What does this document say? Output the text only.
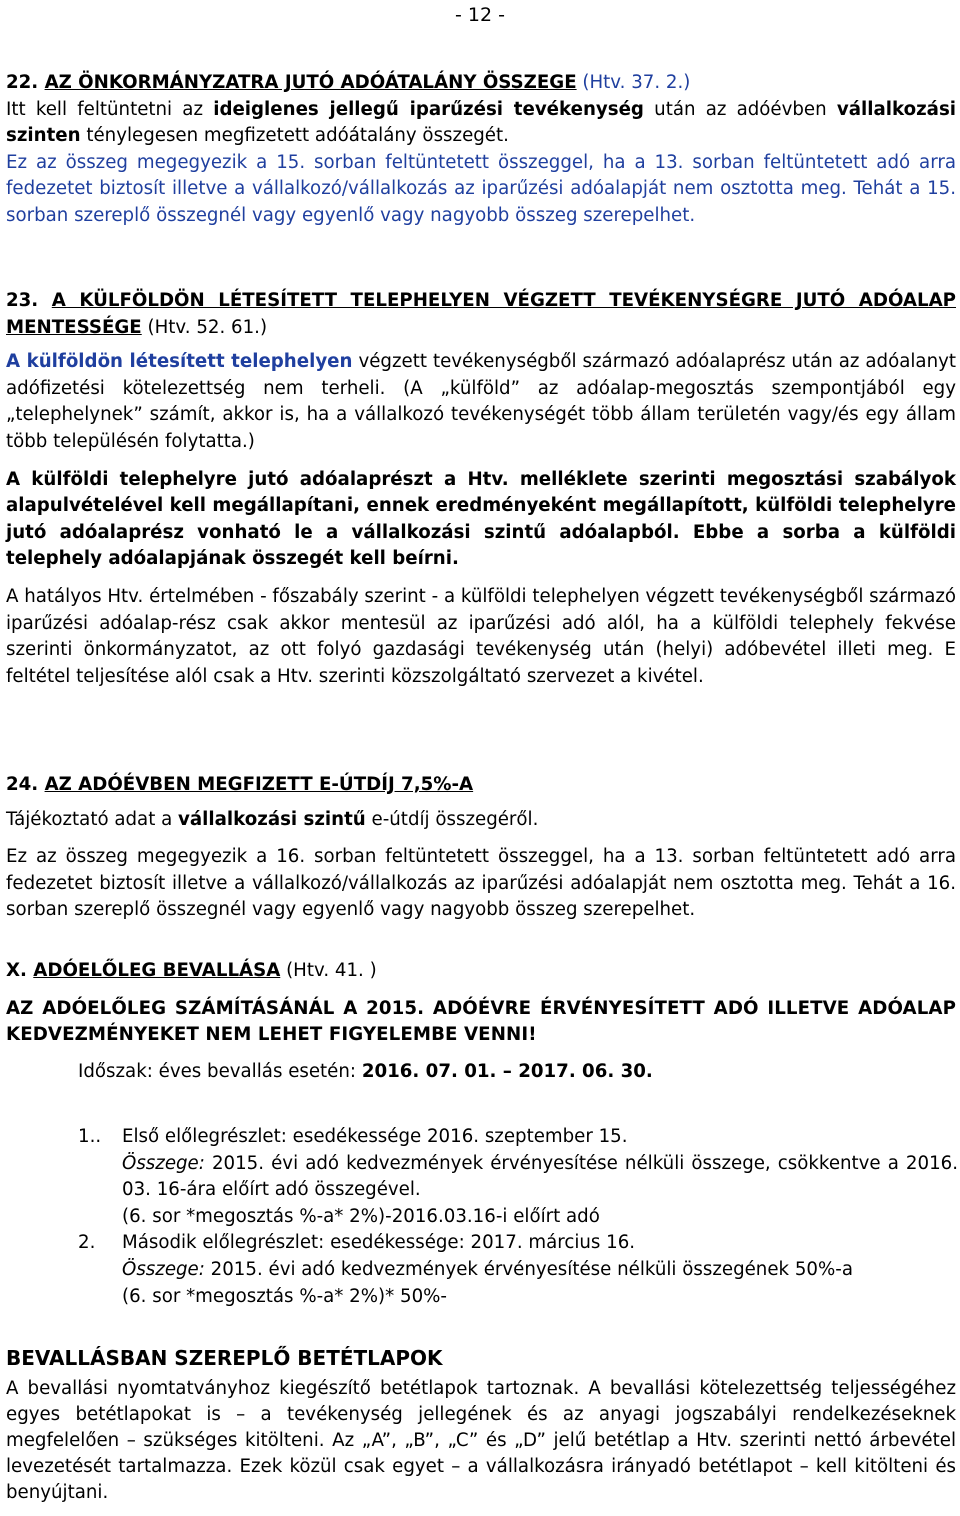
- 12 -

22. AZ ÖNKORMÁNYZATRA JUTÓ ADÓÁTALÁNY ÖSSZEGE (Htv. 37. 2.)

Itt kell feltüntetni az ideiglenes jellegű iparűzési tevékenység után az adóévben vállalkozási szinten ténylegesen megfizetett adóátalány összegét.

Ez az összeg megegyezik a 15. sorban feltüntetett összeggel, ha a 13. sorban feltüntetett adó arra fedezetet biztosít illetve a vállalkozó/vállalkozás az iparűzési adóalapját nem osztotta meg. Tehát a 15. sorban szereplő összegnél vagy egyenlő vagy nagyobb összeg szerepelhet.

23. A KÜLFÖLDÖN LÉTESÍTETT TELEPHELYEN VÉGZETT TEVÉKENYSÉGRE JUTÓ ADÓALAP MENTESSÉGE (Htv. 52. 61.)

A külföldön létesített telephelyen végzett tevékenységből származó adóalaprész után az adóalanyt adófizetési kötelezettség nem terheli. (A „külföld” az adóalap-megosztás szempontjából egy „telephelynek” számít, akkor is, ha a vállalkozó tevékenységét több állam területén vagy/és egy állam több településén folytatta.)

A külföldi telephelyre jutó adóalaprészt a Htv. melléklete szerinti megosztási szabályok alapulvételével kell megállapítani, ennek eredményeként megállapított, külföldi telephelyre jutó adóalaprész vonható le a vállalkozási szintű adóalapból. Ebbe a sorba a külföldi telephely adóalapjának összegét kell beírni.

A hatályos Htv. értelmében - főszabály szerint - a külföldi telephelyen végzett tevékenységből származó iparűzési adóalap-rész csak akkor mentesül az iparűzési adó alól, ha a külföldi telephely fekvése szerinti önkormányzatot, az ott folyó gazdasági tevékenység után (helyi) adóbevétel illeti meg. E feltétel teljesítése alól csak a Htv. szerinti közszolgáltató szervezet a kivétel.

24. AZ ADÓÉVBEN MEGFIZETT E-ÚTDÍJ 7,5%-A

Tájékoztató adat a vállalkozási szintű e-útdíj összegéről.

Ez az összeg megegyezik a 16. sorban feltüntetett összeggel, ha a 13. sorban feltüntetett adó arra fedezetet biztosít illetve a vállalkozó/vállalkozás az iparűzési adóalapját nem osztotta meg. Tehát a 16. sorban szereplő összegnél vagy egyenlő vagy nagyobb összeg szerepelhet.

X. ADÓELŐLEG BEVALLÁSA (Htv. 41. )

AZ ADÓELŐLEG SZÁMÍTÁSÁNÁL A 2015. ADÓÉVRE ÉRVÉNYESÍTETT ADÓ ILLETVE ADÓALAP KEDVEZMÉNYEKET NEM LEHET FIGYELEMBE VENNI!

Időszak: éves bevallás esetén: 2016. 07. 01. – 2017. 06. 30.

1..	Első előlegrészlet: esedékessége 2016. szeptember 15.
Összege: 2015. évi adó kedvezmények érvényesítése nélküli összege, csökkentve a 2016. 03. 16-ára előírt adó összegével.
(6. sor *megosztás %-a* 2%)-2016.03.16-i előírt adó
2.	Második előlegrészlet: esedékessége: 2017. március 16.
Összege: 2015. évi adó kedvezmények érvényesítése nélküli összegének 50%-a
(6. sor *megosztás %-a* 2%)* 50%-

BEVALLÁSBAN SZEREPLŐ BETÉTLAPOK

A bevallási nyomtatványhoz kiegészítő betétlapok tartoznak. A bevallási kötelezettség teljességéhez egyes betétlapokat is – a tevékenység jellegének és az anyagi jogszabályi rendelkezéseknek megfelelően – szükséges kitölteni. Az „A”, „B”, „C” és „D” jelű betétlap a Htv. szerinti nettó árbevétel levezetését tartalmazza. Ezek közül csak egyet – a vállalkozásra irányadó betétlapot – kell kitölteni és benyújtani.
